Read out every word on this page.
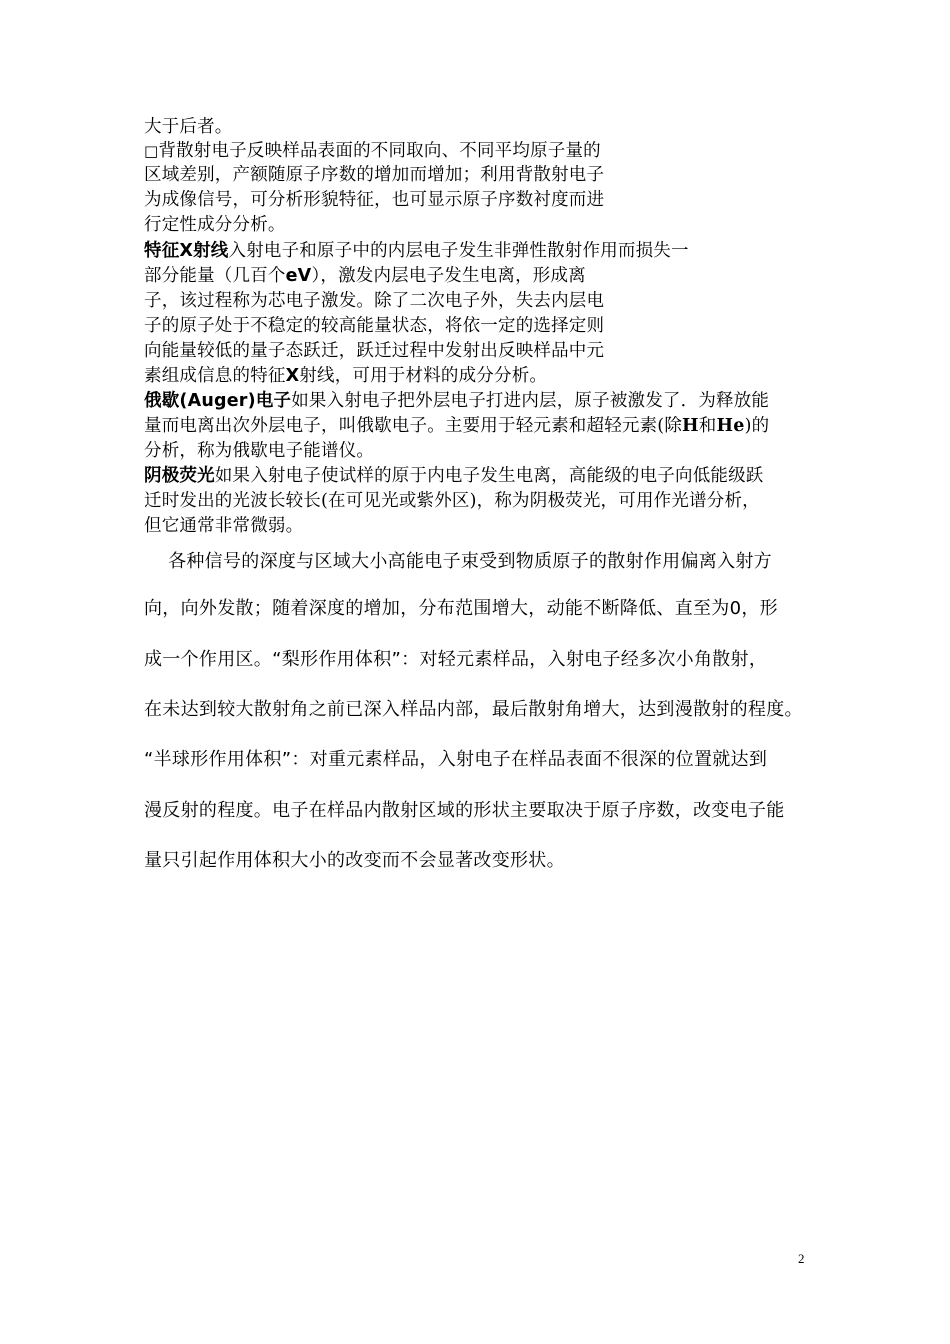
大于后者。
□背散射电子反映样品表面的不同取向、不同平均原子量的
区域差别，产额随原子序数的增加而增加；利用背散射电子
为成像信号，可分析形貌特征，也可显示原子序数衬度而进
行定性成分分析。
特征X射线入射电子和原子中的内层电子发生非弹性散射作用而损失一
部分能量（几百个eV），激发内层电子发生电离，形成离
子，该过程称为芯电子激发。除了二次电子外，失去内层电
子的原子处于不稳定的较高能量状态，将依一定的选择定则
向能量较低的量子态跃迁，跃迁过程中发射出反映样品中元
素组成信息的特征X射线，可用于材料的成分分析。
俄歇(Auger)电子如果入射电子把外层电子打进内层，原子被激发了．为释放能
量而电离出次外层电子，叫俄歇电子。主要用于轻元素和超轻元素(除H和He)的
分析，称为俄歇电子能谱仪。
阴极荧光如果入射电子使试样的原于内电子发生电离，高能级的电子向低能级跃
迁时发出的光波长较长(在可见光或紫外区)，称为阴极荧光，可用作光谱分析，
但它通常非常微弱。
各种信号的深度与区域大小高能电子束受到物质原子的散射作用偏离入射方
向，向外发散；随着深度的增加，分布范围增大，动能不断降低、直至为0，形
成一个作用区。“梨形作用体积”：对轻元素样品，入射电子经多次小角散射，
在未达到较大散射角之前已深入样品内部，最后散射角增大，达到漫散射的程度。
“半球形作用体积”：对重元素样品，入射电子在样品表面不很深的位置就达到
漫反射的程度。电子在样品内散射区域的形状主要取决于原子序数，改变电子能
量只引起作用体积大小的改变而不会显著改变形状。
2
